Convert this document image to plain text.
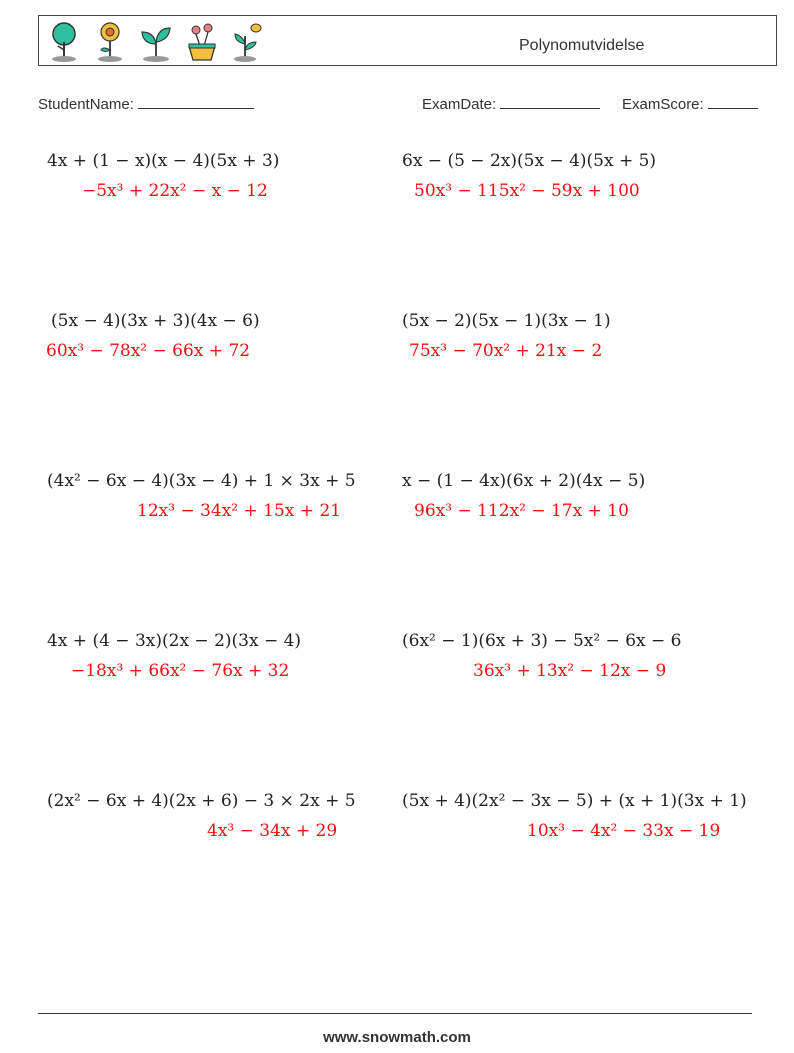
Polynomutvidelse
StudentName:	ExamDate:	ExamScore:
4x + (1 − x)(x − 4)(5x + 3)
−5x³ + 22x² − x − 12
6x − (5 − 2x)(5x − 4)(5x + 5)
50x³ − 115x² − 59x + 100
(5x − 4)(3x + 3)(4x − 6)
60x³ − 78x² − 66x + 72
(5x − 2)(5x − 1)(3x − 1)
75x³ − 70x² + 21x − 2
(4x² − 6x − 4)(3x − 4) + 1 × 3x + 5
12x³ − 34x² + 15x + 21
x − (1 − 4x)(6x + 2)(4x − 5)
96x³ − 112x² − 17x + 10
4x + (4 − 3x)(2x − 2)(3x − 4)
−18x³ + 66x² − 76x + 32
(6x² − 1)(6x + 3) − 5x² − 6x − 6
36x³ + 13x² − 12x − 9
(2x² − 6x + 4)(2x + 6) − 3 × 2x + 5
4x³ − 34x + 29
(5x + 4)(2x² − 3x − 5) + (x + 1)(3x + 1)
10x³ − 4x² − 33x − 19
www.snowmath.com
